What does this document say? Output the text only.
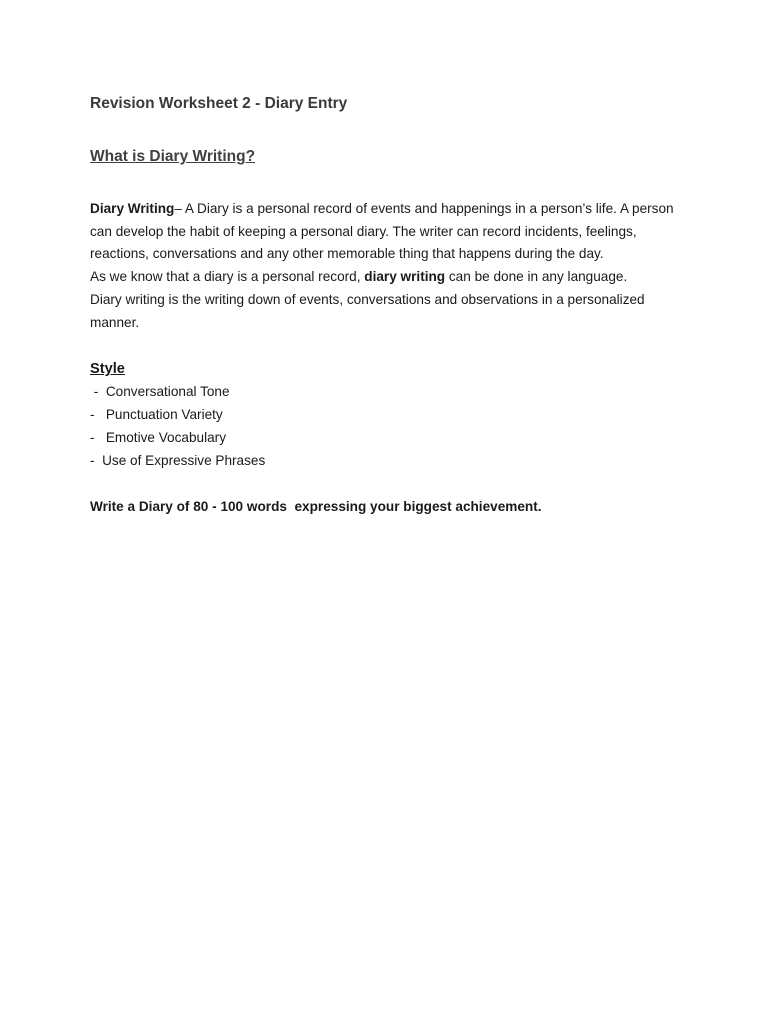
Revision Worksheet 2 - Diary Entry
What is Diary Writing?

Diary Writing– A Diary is a personal record of events and happenings in a person’s life. A person can develop the habit of keeping a personal diary. The writer can record incidents, feelings, reactions, conversations and any other memorable thing that happens during the day.

As we know that a diary is a personal record, diary writing can be done in any language.

Diary writing is the writing down of events, conversations and observations in a personalized manner.

Style
-  Conversational Tone
-   Punctuation Variety
-   Emotive Vocabulary
-  Use of Expressive Phrases

Write a Diary of 80 - 100 words  expressing your biggest achievement.
